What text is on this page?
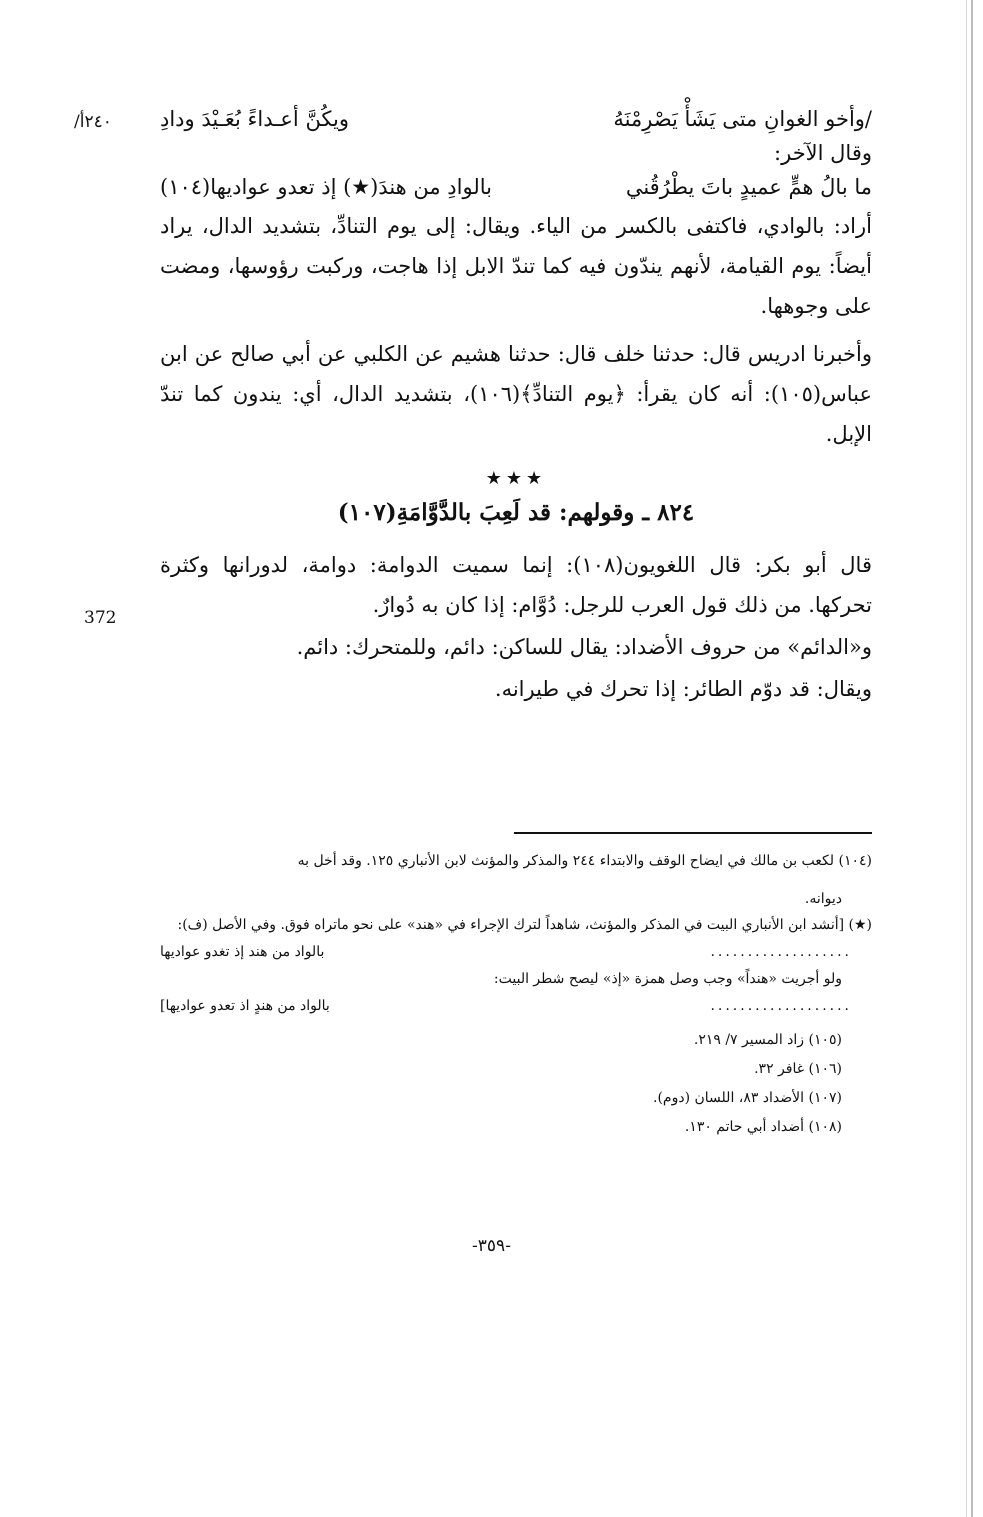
/٢٤٠أ
372
/وأخو الغوانِ متى يَشَأْ يَصْرِمْنَهُ
ويكُنَّ أعـداءً بُعَـيْدَ ودادِ
وقال الآخر:
ما بالُ همٍّ عميدٍ باتَ يطْرُقُني
بالوادِ من هندَ(★) إذ تعدو عواديها(١٠٤)

أراد: بالوادي، فاكتفى بالكسر من الياء. ويقال: إلى يوم التنادِّ، بتشديد الدال، يراد أيضاً: يوم القيامة، لأنهم يندّون فيه كما تندّ الابل إذا هاجت، وركبت رؤوسها، ومضت على وجوهها.

وأخبرنا ادريس قال: حدثنا خلف قال: حدثنا هشيم عن الكلبي عن أبي صالح عن ابن عباس(١٠٥): أنه كان يقرأ: ﴿يوم التنادِّ﴾(١٠٦)، بتشديد الدال، أي: يندون كما تندّ الإبل.

★★★
٨٢٤ ـ وقولهم: قد لَعِبَ بالدَّوَّامَةِ(١٠٧)

قال أبو بكر: قال اللغويون(١٠٨): إنما سميت الدوامة: دوامة، لدورانها وكثرة تحركها. من ذلك قول العرب للرجل: دُوَّام: إذا كان به دُوارٌ.

و«الدائم» من حروف الأضداد: يقال للساكن: دائم، وللمتحرك: دائم.

ويقال: قد دوّم الطائر: إذا تحرك في طيرانه.

(١٠٤) لكعب بن مالك في ايضاح الوقف والابتداء ٢٤٤ والمذكر والمؤنث لابن الأنباري ١٢٥. وقد أخل به
ديوانه.
(★) [أنشد ابن الأنباري البيت في المذكر والمؤنث، شاهداً لترك الإجراء في «هند» على نحو ماتراه فوق. وفي الأصل (ف):
...................
بالواد من هند إذ تغدو عواديها
ولو أجريت «هنداً» وجب وصل همزة «إذ» ليصح شطر البيت:
...................
بالواد من هندٍ اذ تعدو عواديها]
(١٠٥) زاد المسير ٧/ ٢١٩.
(١٠٦) غافر ٣٢.
(١٠٧) الأضداد ٨٣، اللسان (دوم).
(١٠٨) أضداد أبي حاتم ١٣٠.
-٣٥٩-
